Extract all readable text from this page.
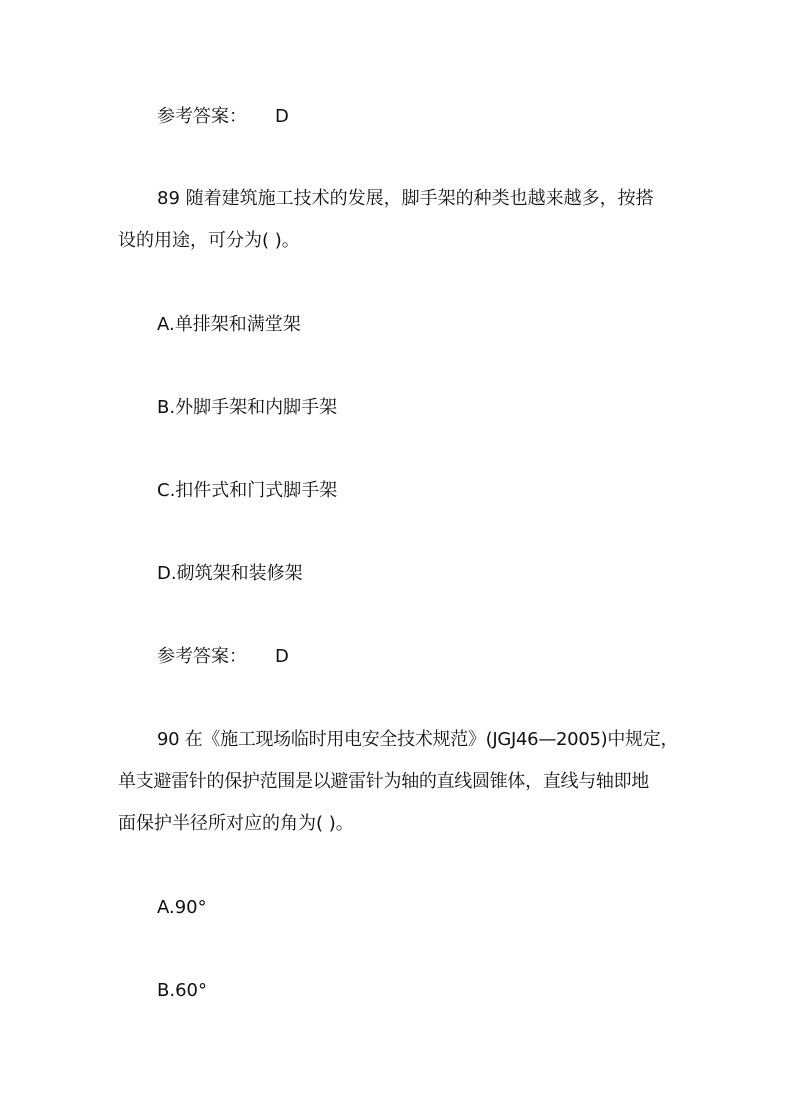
参考答案： D
89 随着建筑施工技术的发展，脚手架的种类也越来越多，按搭
设的用途，可分为( )。
A.单排架和满堂架
B.外脚手架和内脚手架
C.扣件式和门式脚手架
D.砌筑架和装修架
参考答案： D
90 在《施工现场临时用电安全技术规范》(JGJ46—2005)中规定，
单支避雷针的保护范围是以避雷针为轴的直线圆锥体，直线与轴即地
面保护半径所对应的角为( )。
A.90°
B.60°
